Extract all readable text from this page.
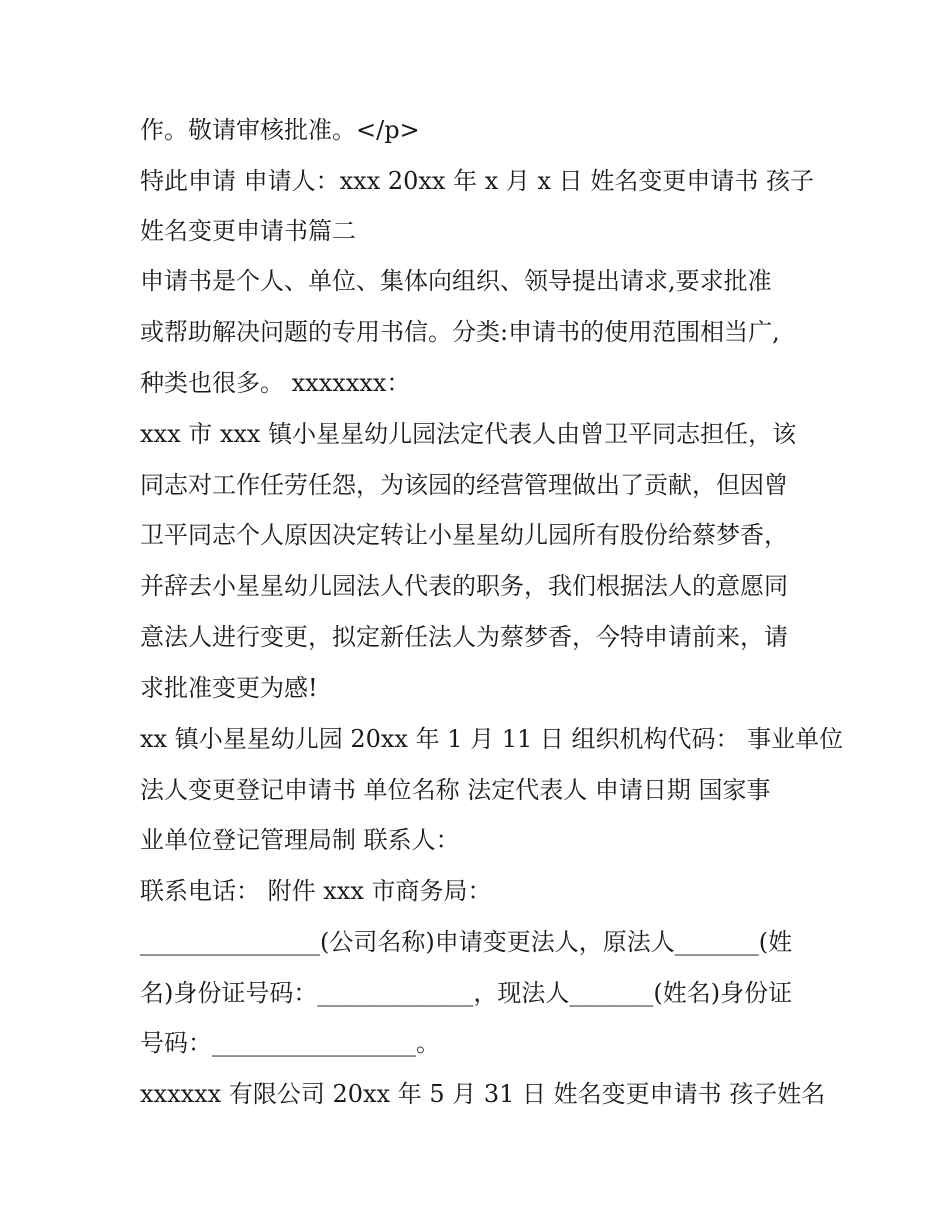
作。敬请审核批准。</p>
特此申请 申请人：xxx 20xx 年 x 月 x 日 姓名变更申请书 孩子
姓名变更申请书篇二
申请书是个人、单位、集体向组织、领导提出请求,要求批准
或帮助解决问题的专用书信。分类:申请书的使用范围相当广,
种类也很多。 xxxxxxx：
xxx 市 xxx 镇小星星幼儿园法定代表人由曾卫平同志担任，该
同志对工作任劳任怨，为该园的经营管理做出了贡献，但因曾
卫平同志个人原因决定转让小星星幼儿园所有股份给蔡梦香，
并辞去小星星幼儿园法人代表的职务，我们根据法人的意愿同
意法人进行变更，拟定新任法人为蔡梦香，今特申请前来，请
求批准变更为感!
xx 镇小星星幼儿园 20xx 年 1 月 11 日 组织机构代码： 事业单位
法人变更登记申请书 单位名称 法定代表人 申请日期 国家事
业单位登记管理局制 联系人：
联系电话： 附件 xxx 市商务局：
_______________(公司名称)申请变更法人，原法人_______(姓
名)身份证号码：_____________，现法人_______(姓名)身份证
号码：_________________。
xxxxxx 有限公司 20xx 年 5 月 31 日 姓名变更申请书 孩子姓名
